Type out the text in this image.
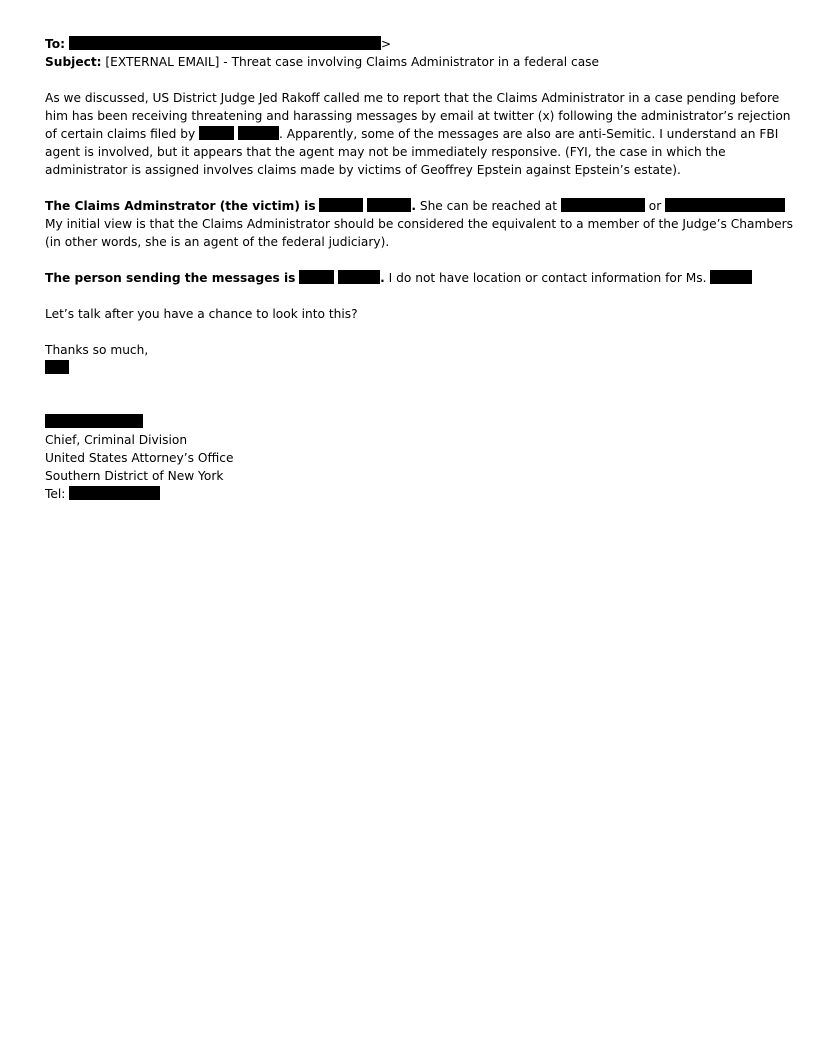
To:	>
Subject: [EXTERNAL EMAIL] - Threat case involving Claims Administrator in a federal case
As we discussed, US District Judge Jed Rakoff called me to report that the Claims Administrator in a case pending before
him has been receiving threatening and harassing messages by email at twitter (x) following the administrator’s rejection
of certain claims filed by	. Apparently, some of the messages are also are anti-Semitic. I understand an FBI
agent is involved, but it appears that the agent may not be immediately responsive. (FYI, the case in which the
administrator is assigned involves claims made by victims of Geoffrey Epstein against Epstein’s estate).
The Claims Adminstrator (the victim) is	. She can be reached at	or
My initial view is that the Claims Administrator should be considered the equivalent to a member of the Judge’s Chambers
(in other words, she is an agent of the federal judiciary).
The person sending the messages is	. I do not have location or contact information for Ms.
Let’s talk after you have a chance to look into this?
Thanks so much,
Chief, Criminal Division
United States Attorney’s Office
Southern District of New York
Tel:
